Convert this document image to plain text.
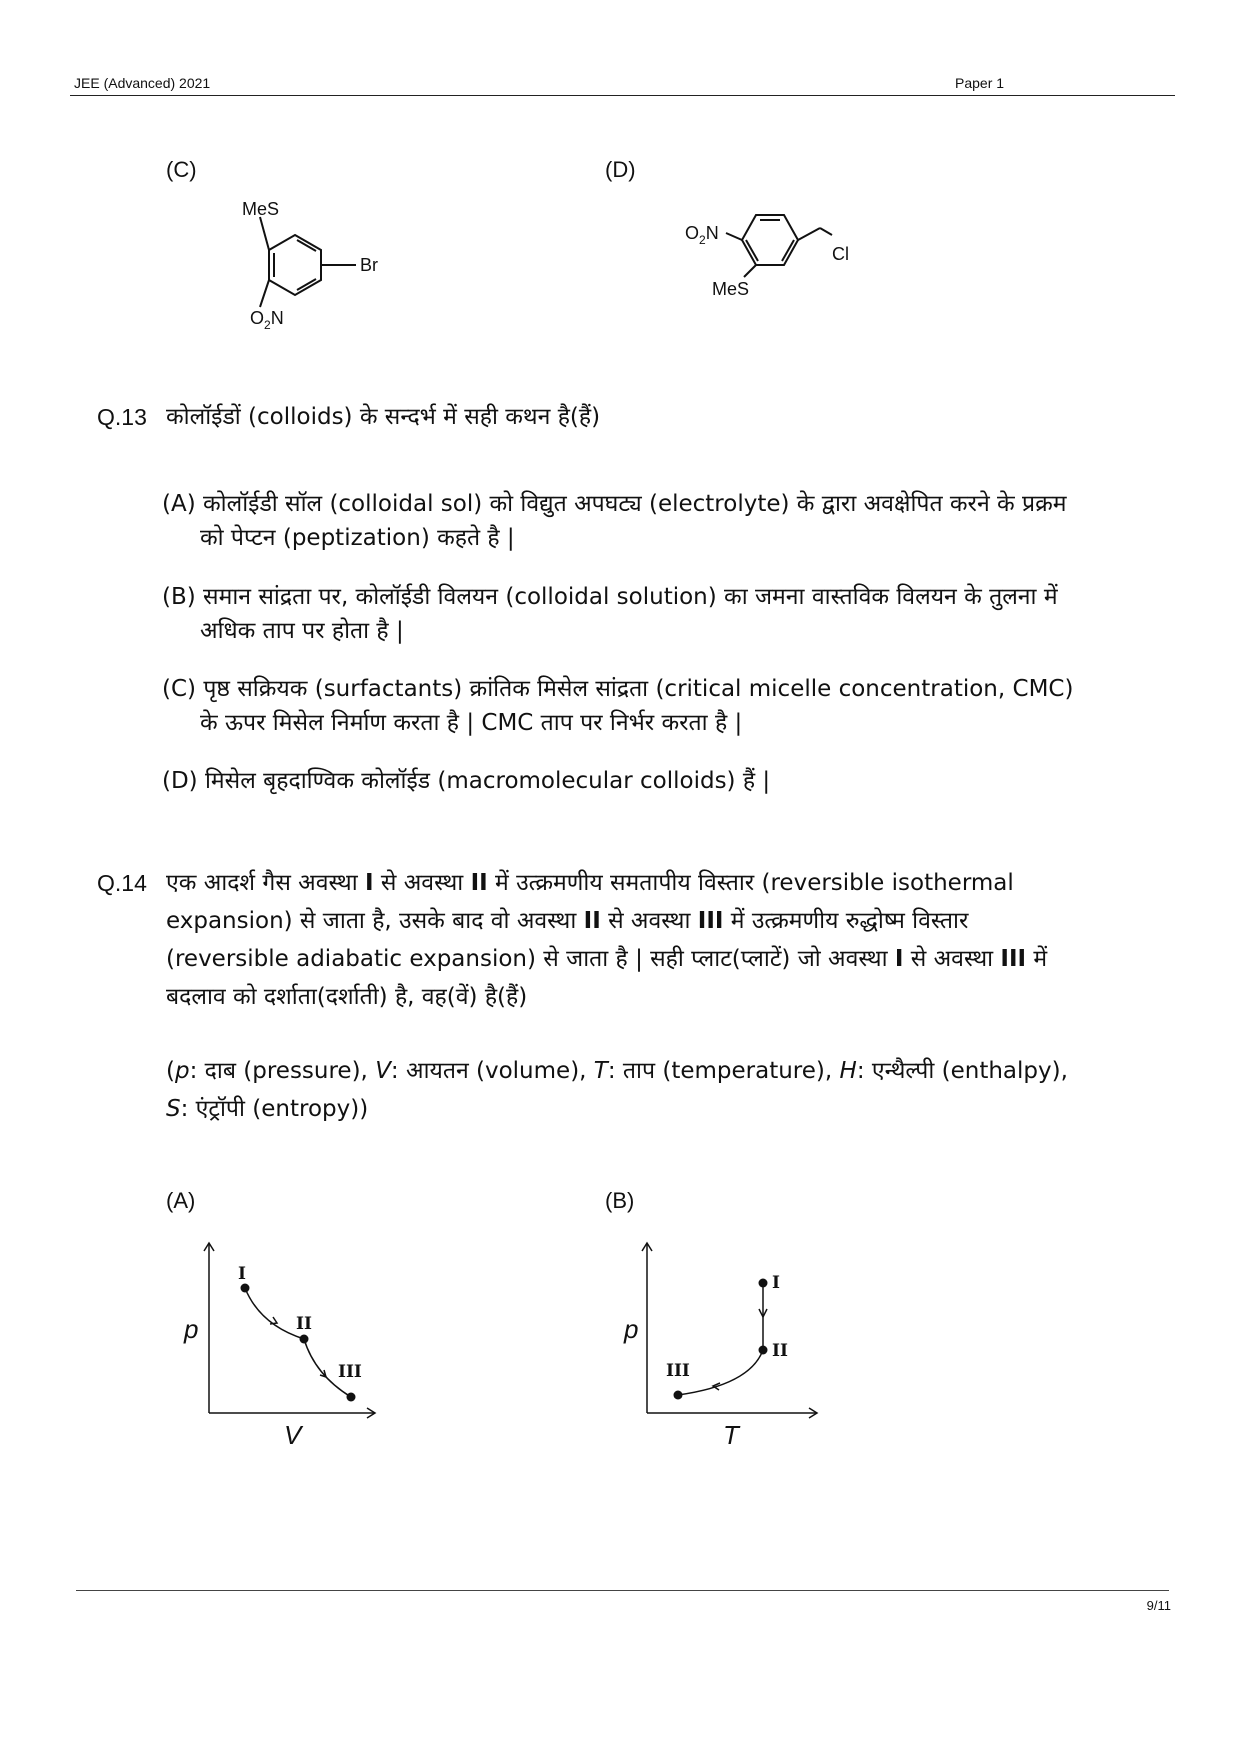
JEE (Advanced) 2021	Paper 1
(C)
MeS
Br
$O_2N$
(D)
$O_2N$
MeS
Cl
Q.13 कोलॉईडों (colloids) के सन्दर्भ में सही कथन है(हैं)
(A) कोलॉईडी सॉल (colloidal sol) को विद्युत अपघट्य (electrolyte) के द्वारा अवक्षेपित करने के प्रक्रम को पेप्टन (peptization) कहते है |
(B) समान सांद्रता पर, कोलॉईडी विलयन (colloidal solution) का जमना वास्तविक विलयन के तुलना में अधिक ताप पर होता है |
(C) पृष्ठ सक्रियक (surfactants) क्रांतिक मिसेल सांद्रता (critical micelle concentration, CMC) के ऊपर मिसेल निर्माण करता है | CMC ताप पर निर्भर करता है |
(D) मिसेल बृहदाण्विक कोलॉईड (macromolecular colloids) हैं |
Q.14 एक आदर्श गैस अवस्था I से अवस्था II में उत्क्रमणीय समतापीय विस्तार (reversible isothermal expansion) से जाता है, उसके बाद वो अवस्था II से अवस्था III में उत्क्रमणीय रुद्धोष्म विस्तार (reversible adiabatic expansion) से जाता है | सही प्लाट(प्लाटें) जो अवस्था I से अवस्था III में बदलाव को दर्शाता(दर्शाती) है, वह(वें) है(हैं)
(p: दाब (pressure), V: आयतन (volume), T: ताप (temperature), H: एन्थैल्पी (enthalpy),
S: एंट्रॉपी (entropy))
(A)
I
II
III
p
V
(B)
I
II
III
p
T
9/11
